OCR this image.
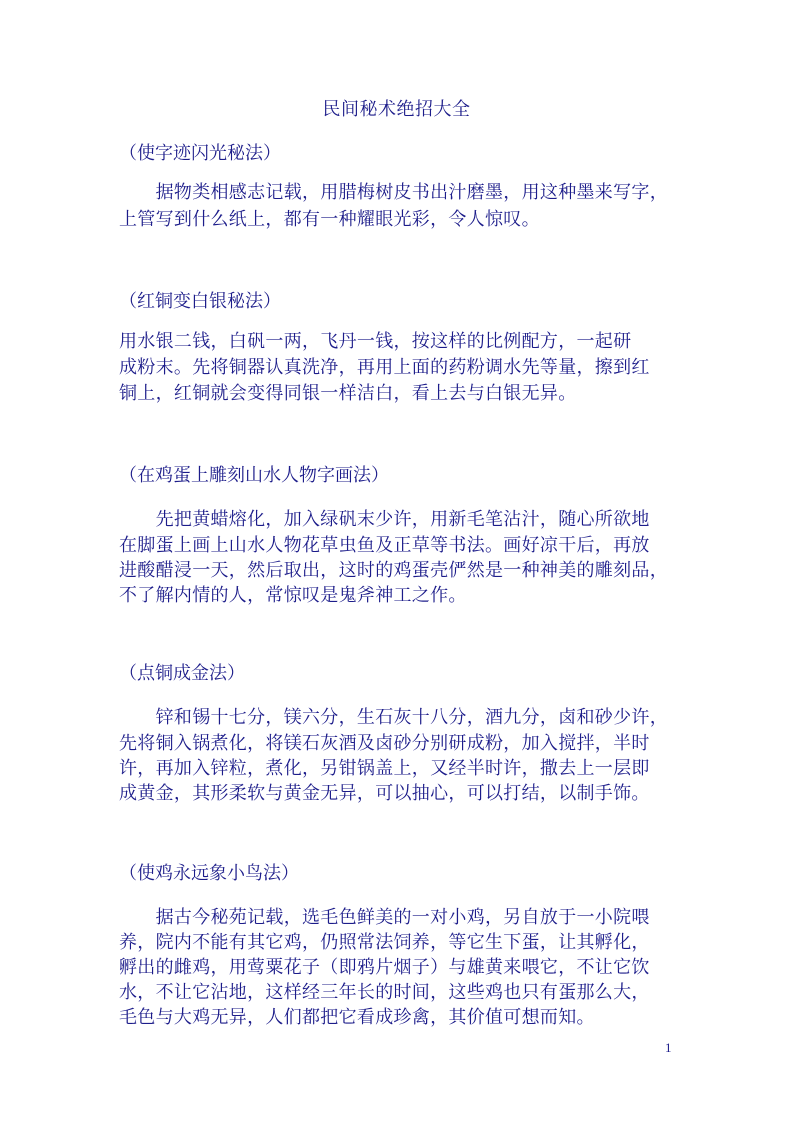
民间秘术绝招大全

（使字迹闪光秘法）

　　据物类相感志记载，用腊梅树皮书出汁磨墨，用这种墨来写字，

上管写到什么纸上，都有一种耀眼光彩，令人惊叹。

（红铜变白银秘法）

用水银二钱，白矾一两，飞丹一钱，按这样的比例配方，一起研

成粉末。先将铜器认真洗净，再用上面的药粉调水先等量，擦到红

铜上，红铜就会变得同银一样洁白，看上去与白银无异。

（在鸡蛋上雕刻山水人物字画法）

　　先把黄蜡熔化，加入绿矾末少许，用新毛笔沾汁，随心所欲地

在脚蛋上画上山水人物花草虫鱼及正草等书法。画好凉干后，再放

进酸醋浸一天，然后取出，这时的鸡蛋壳俨然是一种神美的雕刻品，

不了解内情的人，常惊叹是鬼斧神工之作。

（点铜成金法）

　　锌和锡十七分，镁六分，生石灰十八分，酒九分，卤和砂少许，

先将铜入锅煮化，将镁石灰酒及卤砂分别研成粉，加入搅拌，半时

许，再加入锌粒，煮化，另钳锅盖上，又经半时许，撒去上一层即

成黄金，其形柔软与黄金无异，可以抽心，可以打结，以制手饰。

（使鸡永远象小鸟法）

　　据古今秘苑记载，选毛色鲜美的一对小鸡，另自放于一小院喂

养，院内不能有其它鸡，仍照常法饲养，等它生下蛋，让其孵化，

孵出的雌鸡，用莺粟花子（即鸦片烟子）与雄黄来喂它，不让它饮

水，不让它沾地，这样经三年长的时间，这些鸡也只有蛋那么大，

毛色与大鸡无异，人们都把它看成珍禽，其价值可想而知。

1
